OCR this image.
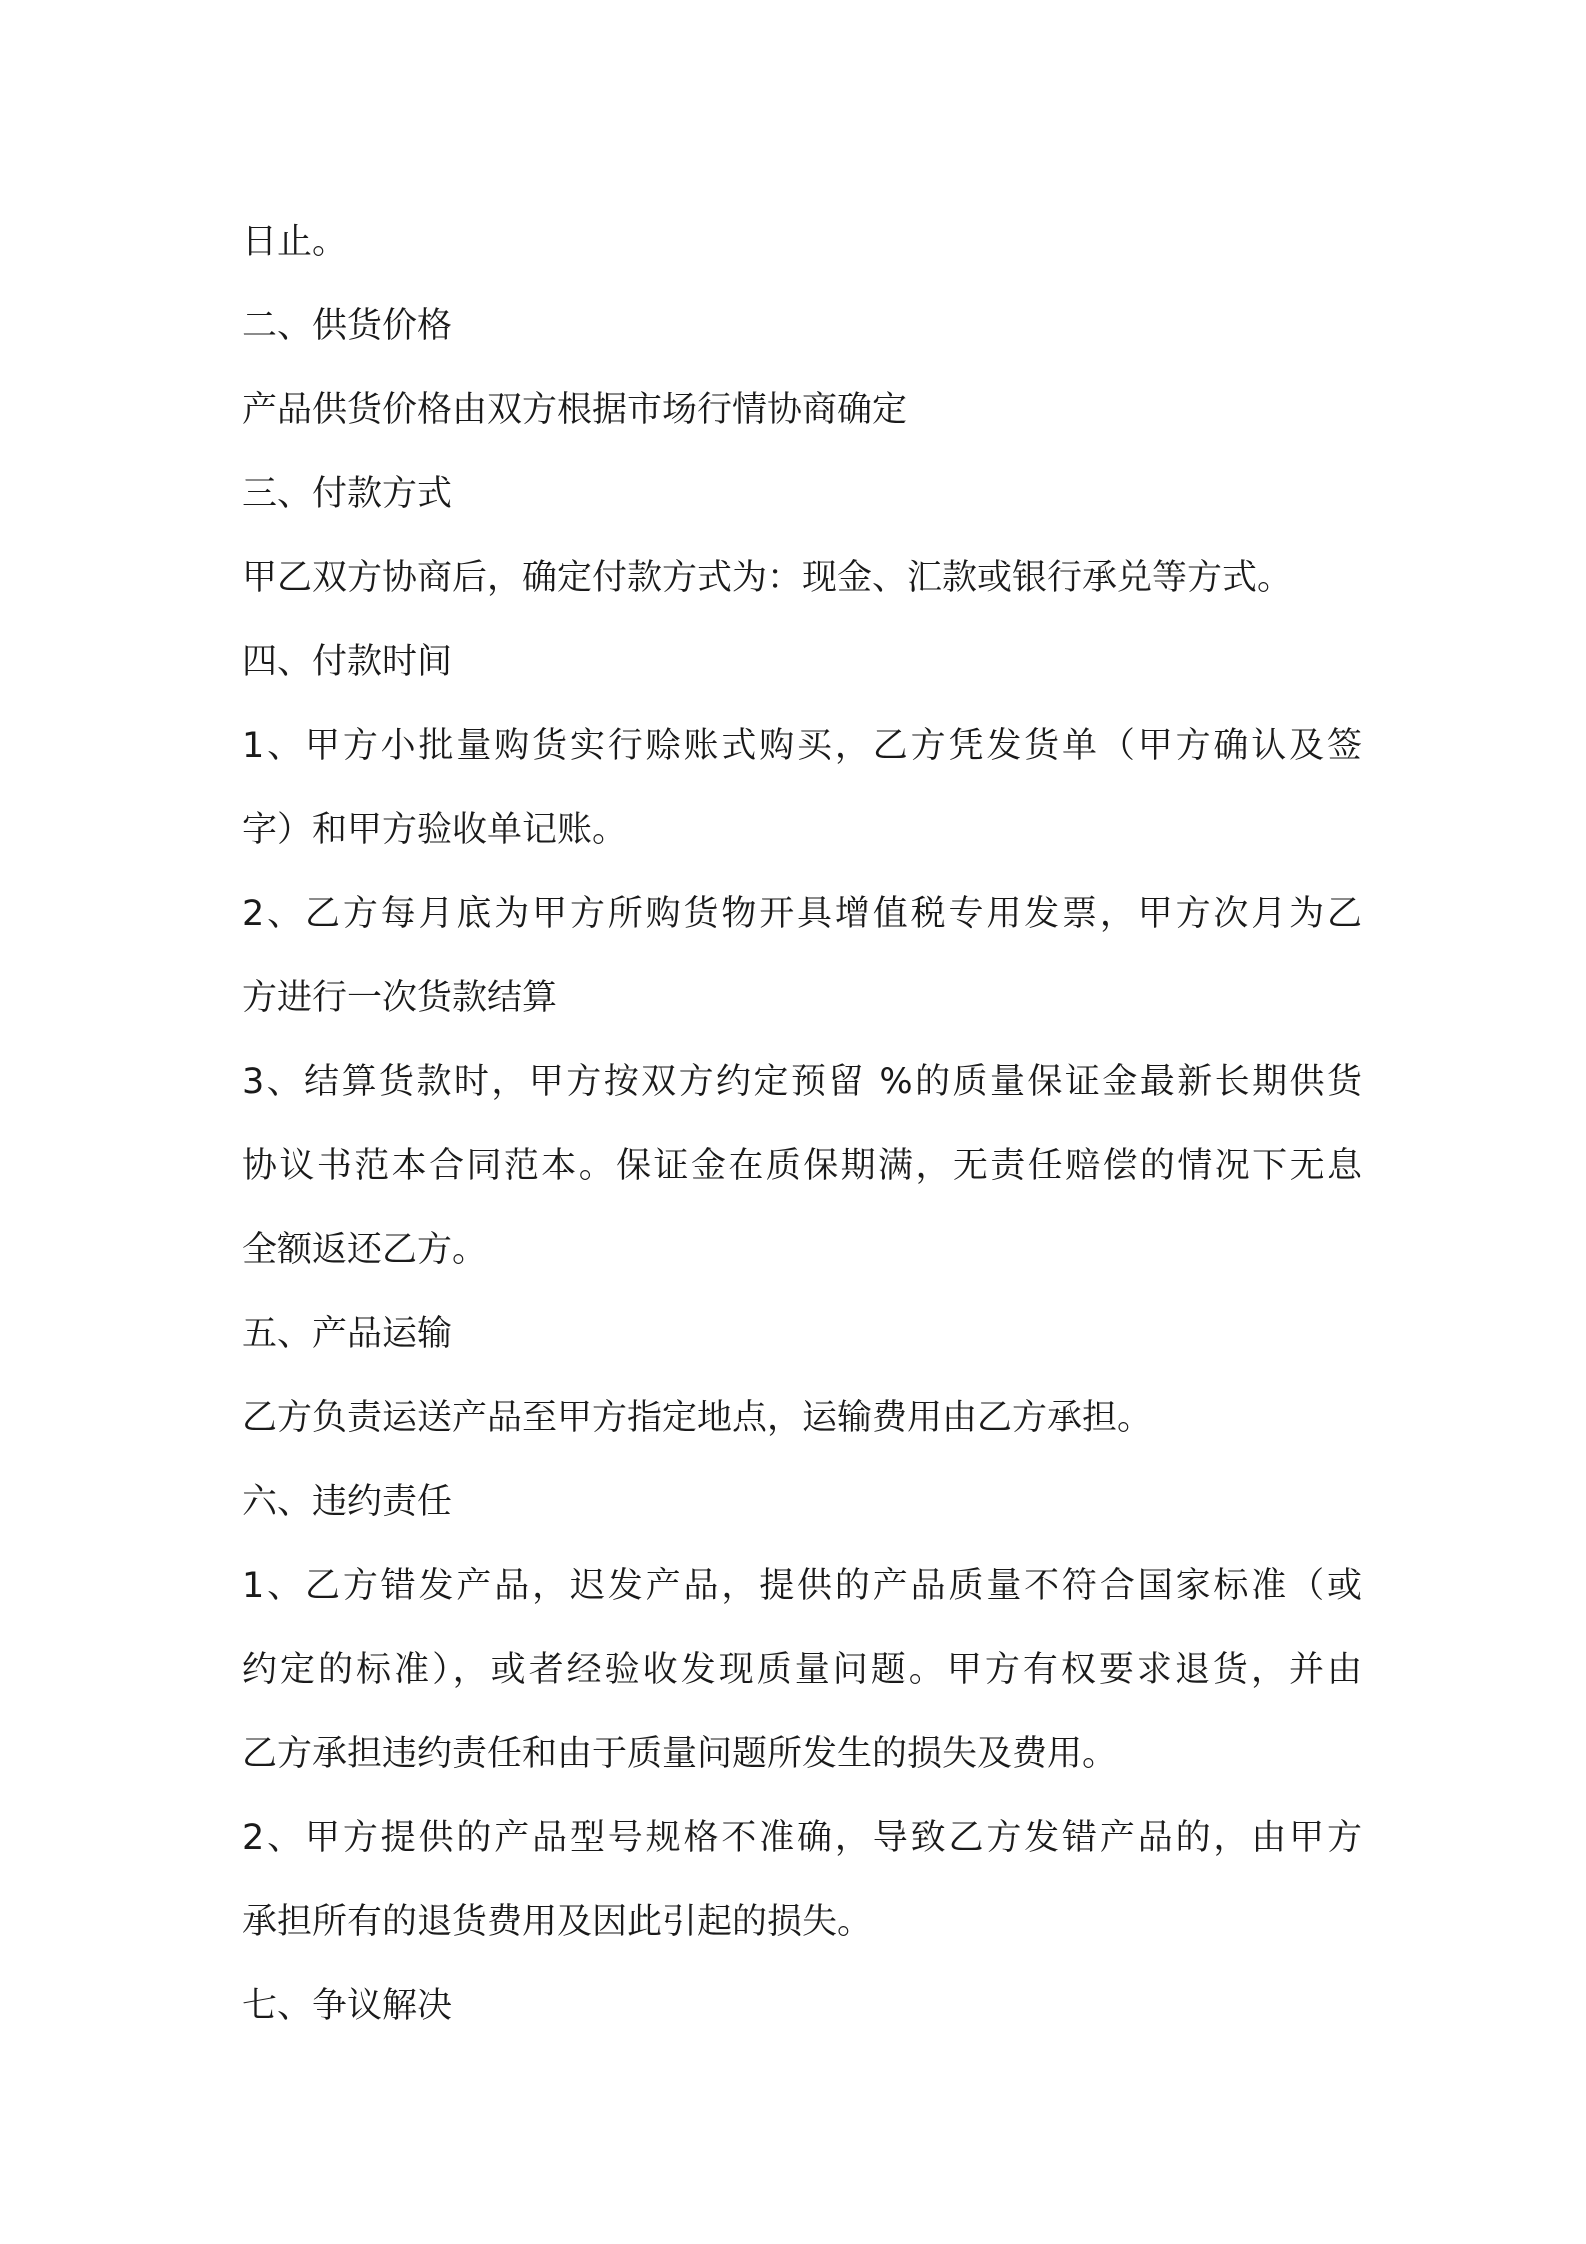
日止。
二、供货价格
产品供货价格由双方根据市场行情协商确定
三、付款方式
甲乙双方协商后，确定付款方式为：现金、汇款或银行承兑等方式。
四、付款时间
1、甲方小批量购货实行赊账式购买，乙方凭发货单（甲方确认及签
字）和甲方验收单记账。
2、乙方每月底为甲方所购货物开具增值税专用发票，甲方次月为乙
方进行一次货款结算
3、结算货款时，甲方按双方约定预留 %的质量保证金最新长期供货
协议书范本合同范本。保证金在质保期满，无责任赔偿的情况下无息
全额返还乙方。
五、产品运输
乙方负责运送产品至甲方指定地点，运输费用由乙方承担。
六、违约责任
1、乙方错发产品，迟发产品，提供的产品质量不符合国家标准（或
约定的标准），或者经验收发现质量问题。甲方有权要求退货，并由
乙方承担违约责任和由于质量问题所发生的损失及费用。
2、甲方提供的产品型号规格不准确，导致乙方发错产品的，由甲方
承担所有的退货费用及因此引起的损失。
七、争议解决
